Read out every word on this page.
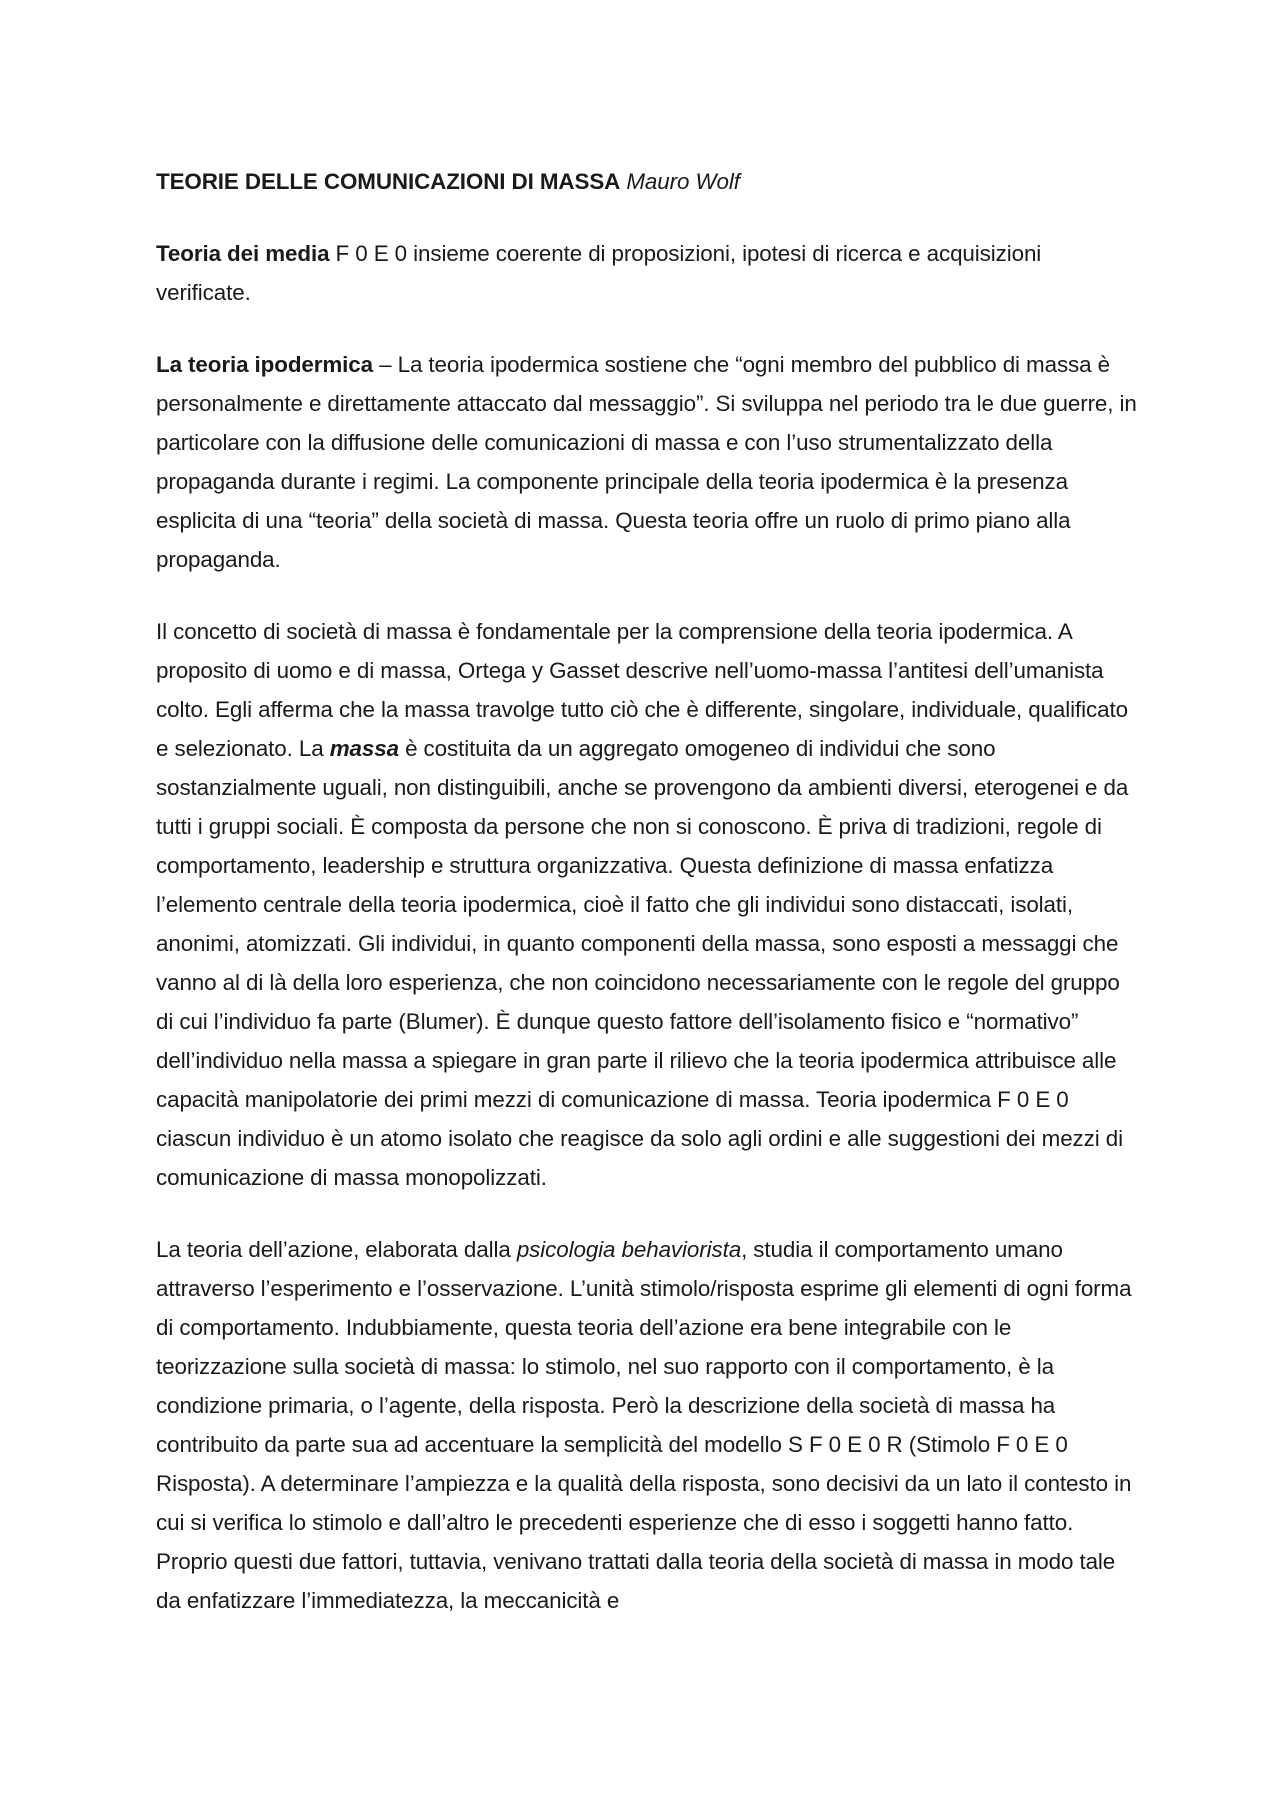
TEORIE DELLE COMUNICAZIONI DI MASSA Mauro Wolf

Teoria dei media F 0 E 0 insieme coerente di proposizioni, ipotesi di ricerca e acquisizioni verificate.

La teoria ipodermica – La teoria ipodermica sostiene che “ogni membro del pubblico di massa è personalmente e direttamente attaccato dal messaggio”. Si sviluppa nel periodo tra le due guerre, in particolare con la diffusione delle comunicazioni di massa e con l’uso strumentalizzato della propaganda durante i regimi. La componente principale della teoria ipodermica è la presenza esplicita di una “teoria” della società di massa. Questa teoria offre un ruolo di primo piano alla propaganda.

Il concetto di società di massa è fondamentale per la comprensione della teoria ipodermica. A proposito di uomo e di massa, Ortega y Gasset descrive nell’uomo-massa l’antitesi dell’umanista colto. Egli afferma che la massa travolge tutto ciò che è differente, singolare, individuale, qualificato e selezionato. La massa è costituita da un aggregato omogeneo di individui che sono sostanzialmente uguali, non distinguibili, anche se provengono da ambienti diversi, eterogenei e da tutti i gruppi sociali. È composta da persone che non si conoscono. È priva di tradizioni, regole di comportamento, leadership e struttura organizzativa. Questa definizione di massa enfatizza l’elemento centrale della teoria ipodermica, cioè il fatto che gli individui sono distaccati, isolati, anonimi, atomizzati. Gli individui, in quanto componenti della massa, sono esposti a messaggi che vanno al di là della loro esperienza, che non coincidono necessariamente con le regole del gruppo di cui l’individuo fa parte (Blumer). È dunque questo fattore dell’isolamento fisico e “normativo” dell’individuo nella massa a spiegare in gran parte il rilievo che la teoria ipodermica attribuisce alle capacità manipolatorie dei primi mezzi di comunicazione di massa. Teoria ipodermica F 0 E 0 ciascun individuo è un atomo isolato che reagisce da solo agli ordini e alle suggestioni dei mezzi di comunicazione di massa monopolizzati.

La teoria dell’azione, elaborata dalla psicologia behaviorista, studia il comportamento umano attraverso l’esperimento e l’osservazione. L’unità stimolo/risposta esprime gli elementi di ogni forma di comportamento. Indubbiamente, questa teoria dell’azione era bene integrabile con le teorizzazione sulla società di massa: lo stimolo, nel suo rapporto con il comportamento, è la condizione primaria, o l’agente, della risposta. Però la descrizione della società di massa ha contribuito da parte sua ad accentuare la semplicità del modello S F 0 E 0 R (Stimolo F 0 E 0 Risposta). A determinare l’ampiezza e la qualità della risposta, sono decisivi da un lato il contesto in cui si verifica lo stimolo e dall’altro le precedenti esperienze che di esso i soggetti hanno fatto. Proprio questi due fattori, tuttavia, venivano trattati dalla teoria della società di massa in modo tale da enfatizzare l’immediatezza, la meccanicità e
